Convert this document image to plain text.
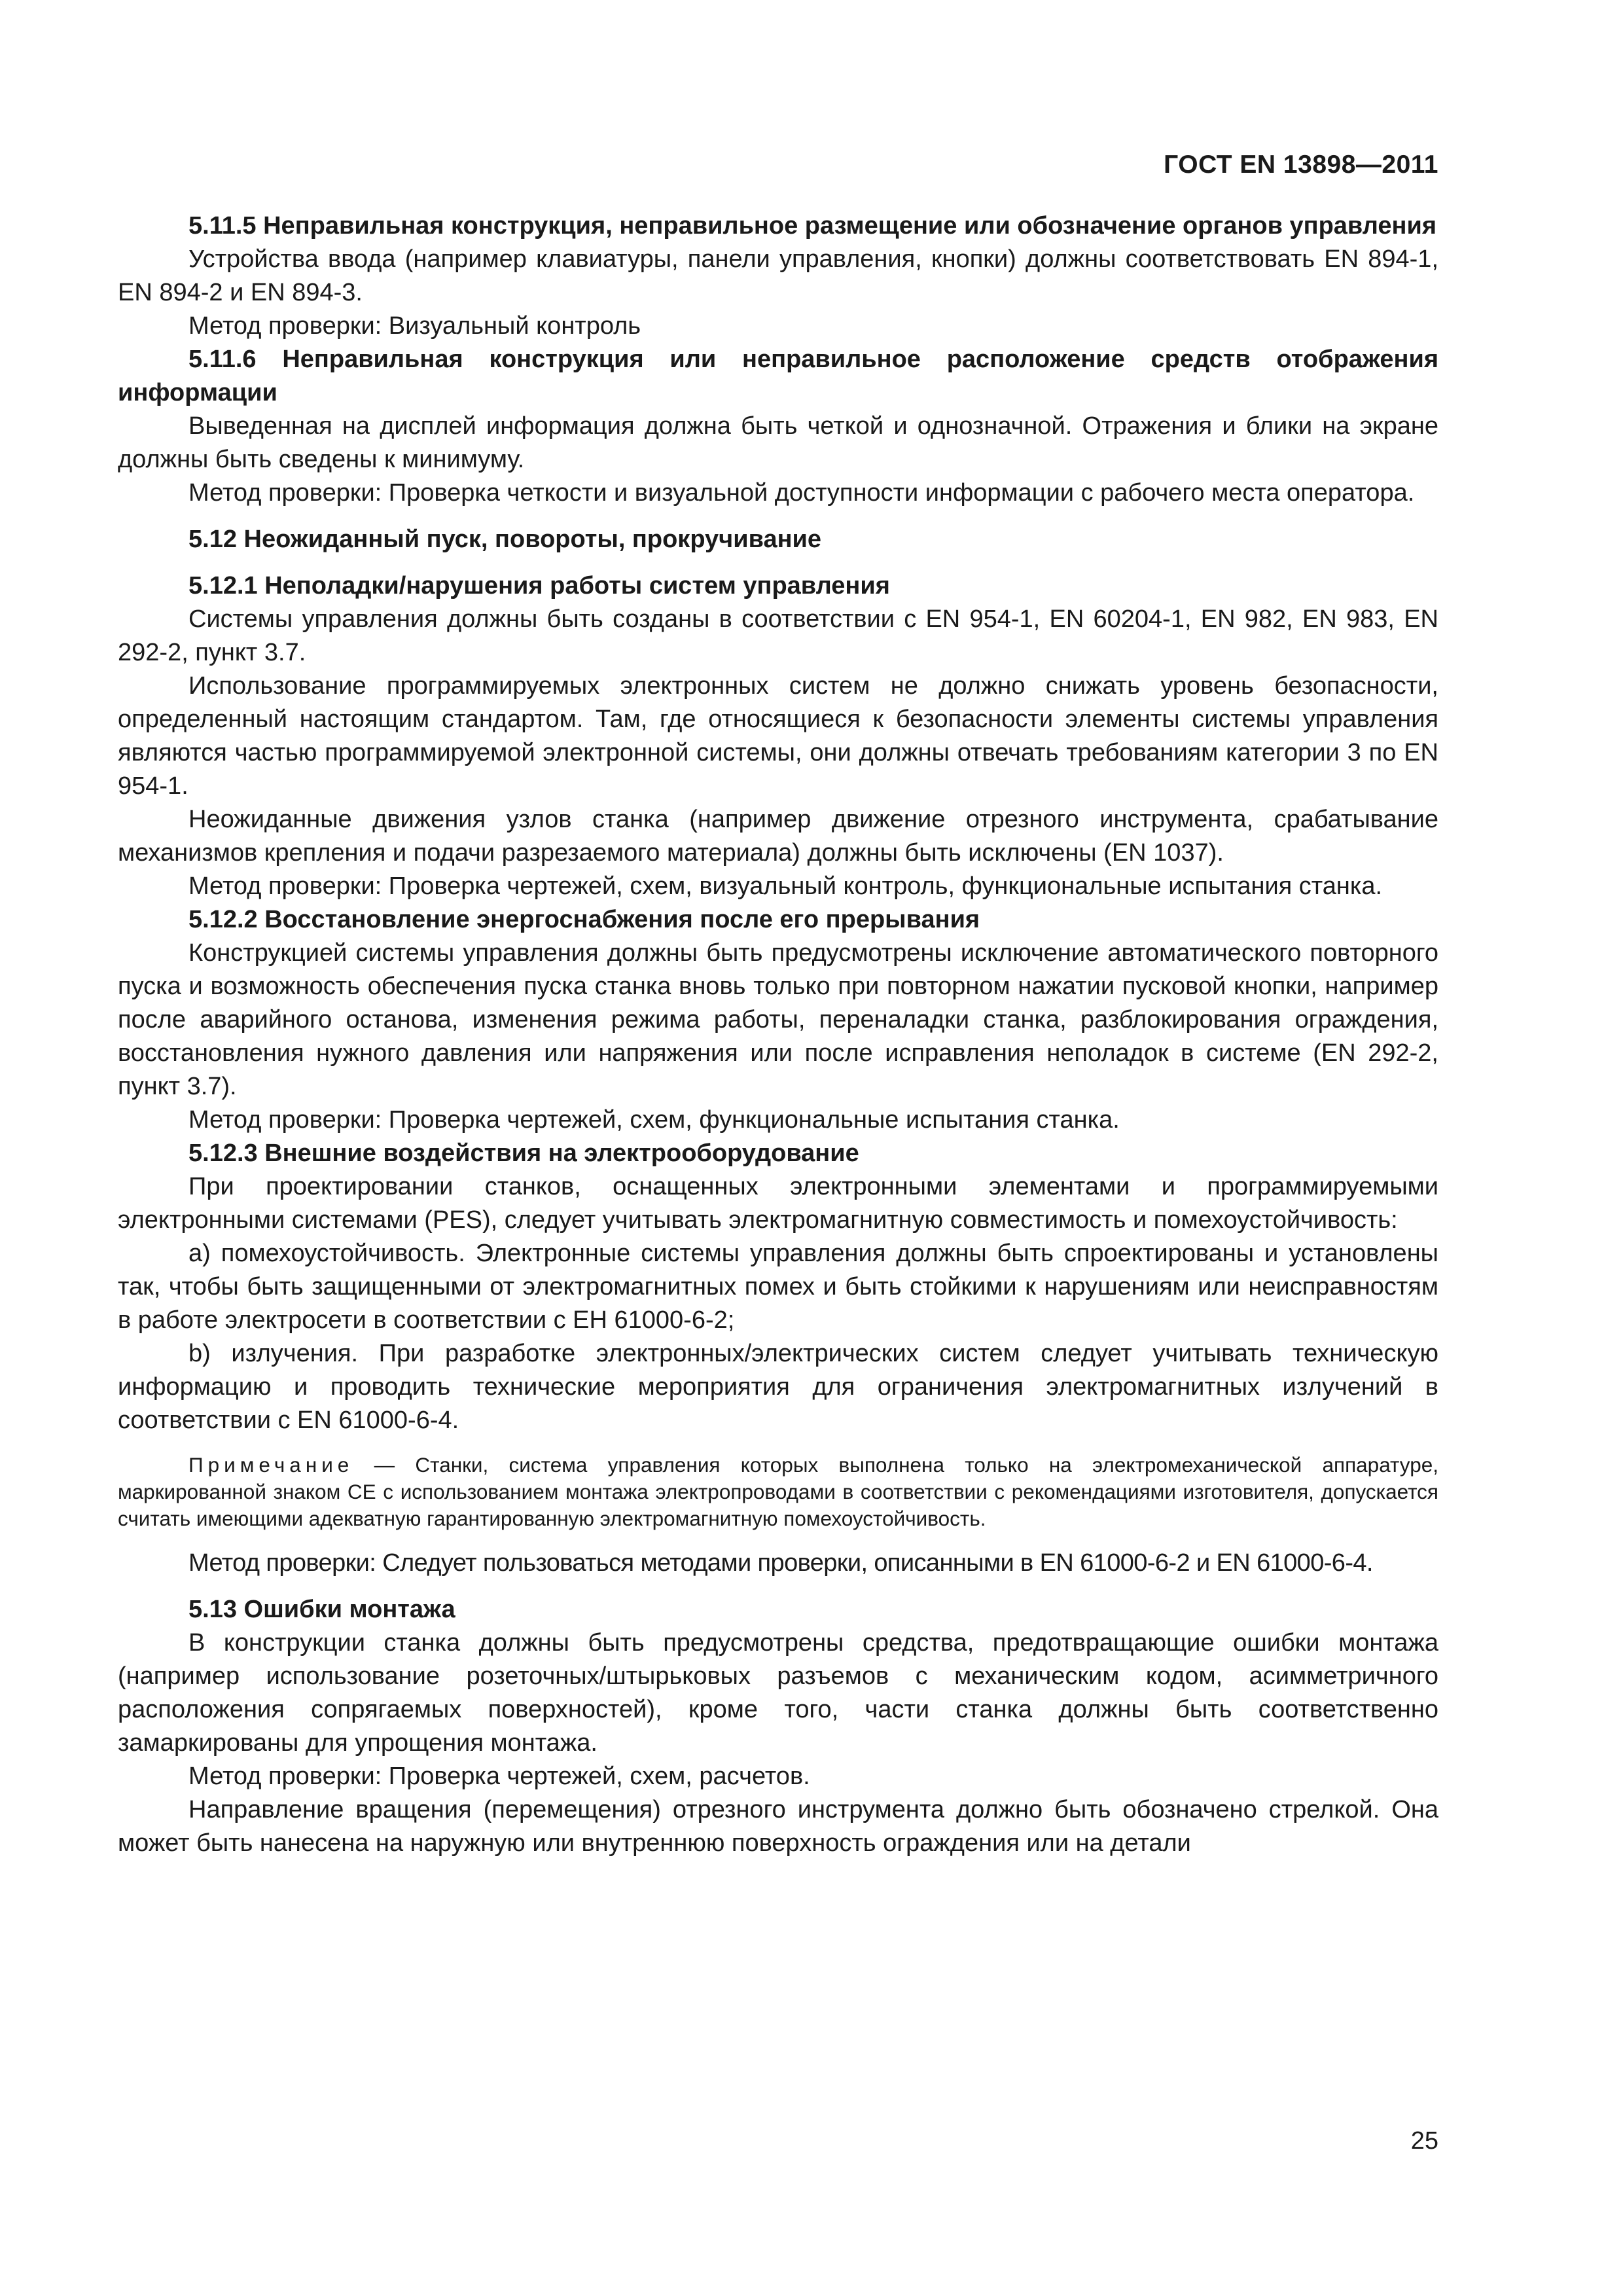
ГОСТ EN 13898—2011

5.11.5 Неправильная конструкция, неправильное размещение или обозначение органов управления

Устройства ввода (например клавиатуры, панели управления, кнопки) должны соответствовать EN 894-1, EN 894-2 и EN 894-3.

Метод проверки: Визуальный контроль

5.11.6 Неправильная конструкция или неправильное расположение средств отображения информации

Выведенная на дисплей информация должна быть четкой и однозначной. Отражения и блики на экране должны быть сведены к минимуму.

Метод проверки: Проверка четкости и визуальной доступности информации с рабочего места оператора.

5.12 Неожиданный пуск, повороты, прокручивание

5.12.1 Неполадки/нарушения работы систем управления

Системы управления должны быть созданы в соответствии с EN 954-1, EN 60204-1, EN 982, EN 983, EN 292-2, пункт 3.7.

Использование программируемых электронных систем не должно снижать уровень безопасности, определенный настоящим стандартом. Там, где относящиеся к безопасности элементы системы управления являются частью программируемой электронной системы, они должны отвечать требованиям категории 3 по EN 954-1.

Неожиданные движения узлов станка (например движение отрезного инструмента, срабатывание механизмов крепления и подачи разрезаемого материала) должны быть исключены (EN 1037).

Метод проверки: Проверка чертежей, схем, визуальный контроль, функциональные испытания станка.

5.12.2 Восстановление энергоснабжения после его прерывания

Конструкцией системы управления должны быть предусмотрены исключение автоматического повторного пуска и возможность обеспечения пуска станка вновь только при повторном нажатии пусковой кнопки, например после аварийного останова, изменения режима работы, переналадки станка, разблокирования ограждения, восстановления нужного давления или напряжения или после исправления неполадок в системе (EN 292-2, пункт 3.7).

Метод проверки: Проверка чертежей, схем, функциональные испытания станка.

5.12.3 Внешние воздействия на электрооборудование

При проектировании станков, оснащенных электронными элементами и программируемыми электронными системами (PES), следует учитывать электромагнитную совместимость и помехоустойчивость:

a) помехоустойчивость. Электронные системы управления должны быть спроектированы и установлены так, чтобы быть защищенными от электромагнитных помех и быть стойкими к нарушениям или неисправностям в работе электросети в соответствии с ЕН 61000-6-2;

b) излучения. При разработке электронных/электрических систем следует учитывать техническую информацию и проводить технические мероприятия для ограничения электромагнитных излучений в соответствии с EN 61000-6-4.

Примечание — Станки, система управления которых выполнена только на электромеханической аппаратуре, маркированной знаком CE с использованием монтажа электропроводами в соответствии с рекомендациями изготовителя, допускается считать имеющими адекватную гарантированную электромагнитную помехоустойчивость.

Метод проверки: Следует пользоваться методами проверки, описанными в EN 61000-6-2 и EN 61000-6-4.

5.13 Ошибки монтажа

В конструкции станка должны быть предусмотрены средства, предотвращающие ошибки монтажа (например использование розеточных/штырьковых разъемов с механическим кодом, асимметричного расположения сопрягаемых поверхностей), кроме того, части станка должны быть соответственно замаркированы для упрощения монтажа.

Метод проверки: Проверка чертежей, схем, расчетов.

Направление вращения (перемещения) отрезного инструмента должно быть обозначено стрелкой. Она может быть нанесена на наружную или внутреннюю поверхность ограждения или на детали

25
